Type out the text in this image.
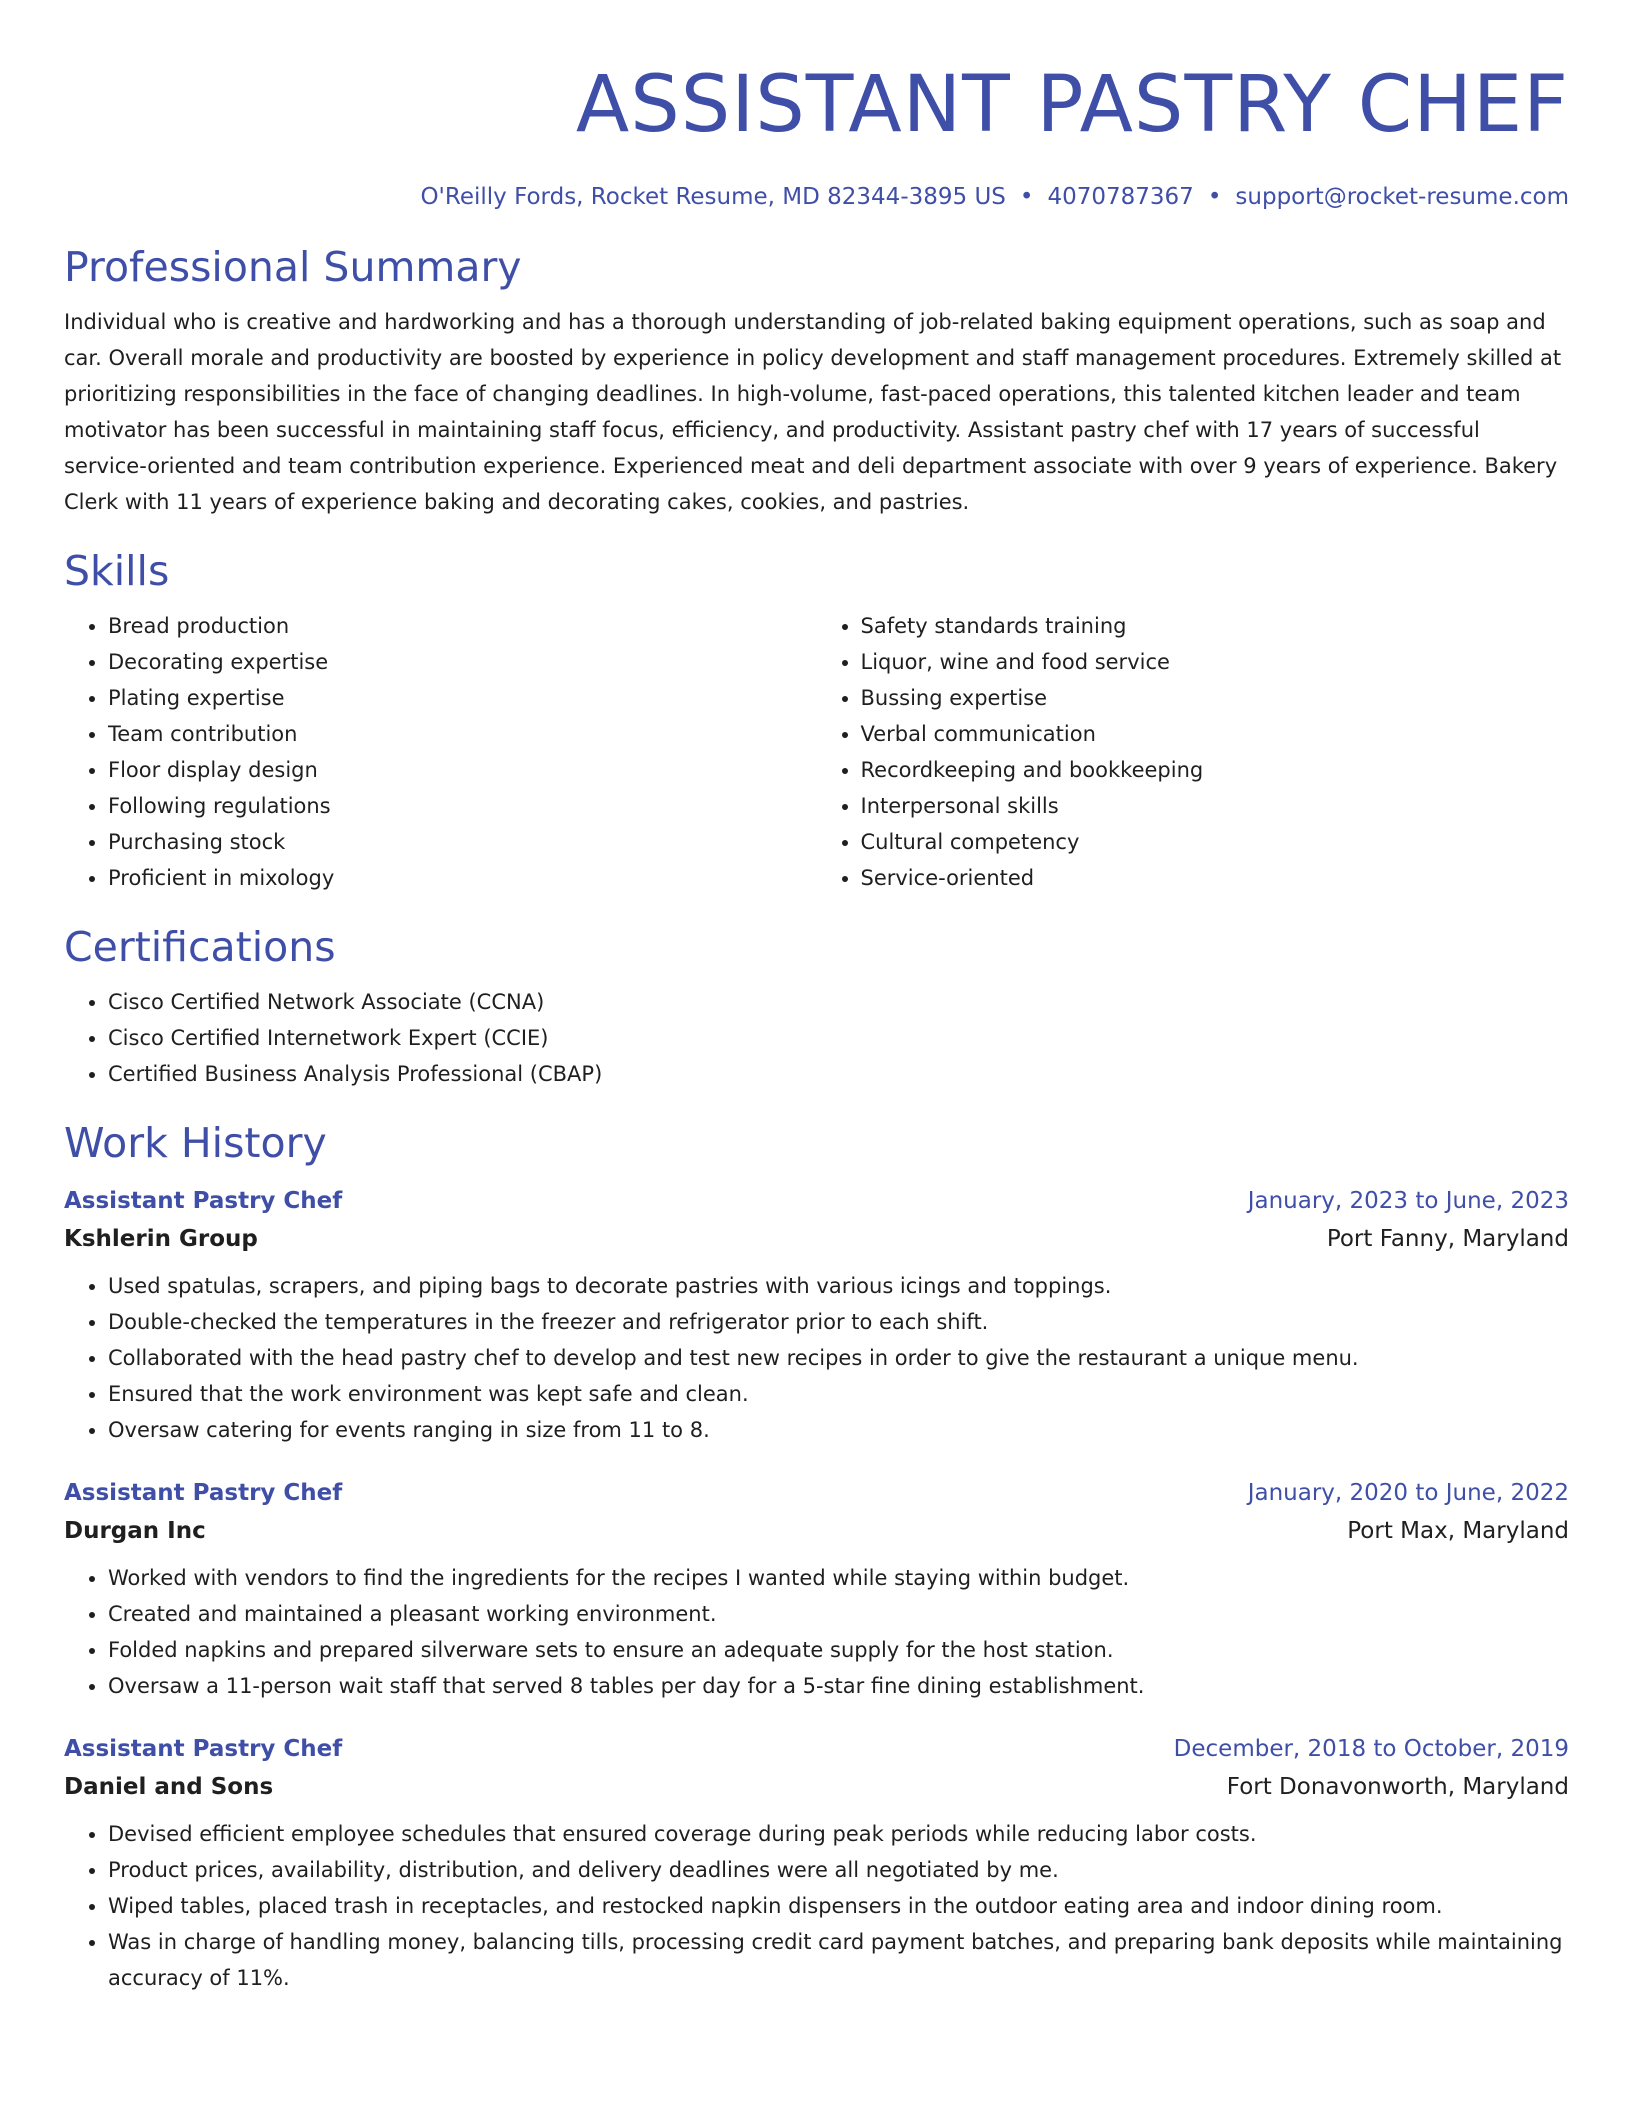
ASSISTANT PASTRY CHEF
O'Reilly Fords, Rocket Resume, MD 82344-3895 US • 4070787367 • support@rocket-resume.com
Professional Summary
Individual who is creative and hardworking and has a thorough understanding of job-related baking equipment operations, such as soap and car. Overall morale and productivity are boosted by experience in policy development and staff management procedures. Extremely skilled at prioritizing responsibilities in the face of changing deadlines. In high-volume, fast-paced operations, this talented kitchen leader and team motivator has been successful in maintaining staff focus, efficiency, and productivity. Assistant pastry chef with 17 years of successful service-oriented and team contribution experience. Experienced meat and deli department associate with over 9 years of experience. Bakery Clerk with 11 years of experience baking and decorating cakes, cookies, and pastries.
Skills
• Bread production
• Decorating expertise
• Plating expertise
• Team contribution
• Floor display design
• Following regulations
• Purchasing stock
• Proficient in mixology
• Safety standards training
• Liquor, wine and food service
• Bussing expertise
• Verbal communication
• Recordkeeping and bookkeeping
• Interpersonal skills
• Cultural competency
• Service-oriented
Certifications
• Cisco Certified Network Associate (CCNA)
• Cisco Certified Internetwork Expert (CCIE)
• Certified Business Analysis Professional (CBAP)
Work History
Assistant Pastry Chef	January, 2023 to June, 2023
Kshlerin Group	Port Fanny, Maryland
• Used spatulas, scrapers, and piping bags to decorate pastries with various icings and toppings.
• Double-checked the temperatures in the freezer and refrigerator prior to each shift.
• Collaborated with the head pastry chef to develop and test new recipes in order to give the restaurant a unique menu.
• Ensured that the work environment was kept safe and clean.
• Oversaw catering for events ranging in size from 11 to 8.
Assistant Pastry Chef	January, 2020 to June, 2022
Durgan Inc	Port Max, Maryland
• Worked with vendors to find the ingredients for the recipes I wanted while staying within budget.
• Created and maintained a pleasant working environment.
• Folded napkins and prepared silverware sets to ensure an adequate supply for the host station.
• Oversaw a 11-person wait staff that served 8 tables per day for a 5-star fine dining establishment.
Assistant Pastry Chef	December, 2018 to October, 2019
Daniel and Sons	Fort Donavonworth, Maryland
• Devised efficient employee schedules that ensured coverage during peak periods while reducing labor costs.
• Product prices, availability, distribution, and delivery deadlines were all negotiated by me.
• Wiped tables, placed trash in receptacles, and restocked napkin dispensers in the outdoor eating area and indoor dining room.
• Was in charge of handling money, balancing tills, processing credit card payment batches, and preparing bank deposits while maintaining accuracy of 11%.
